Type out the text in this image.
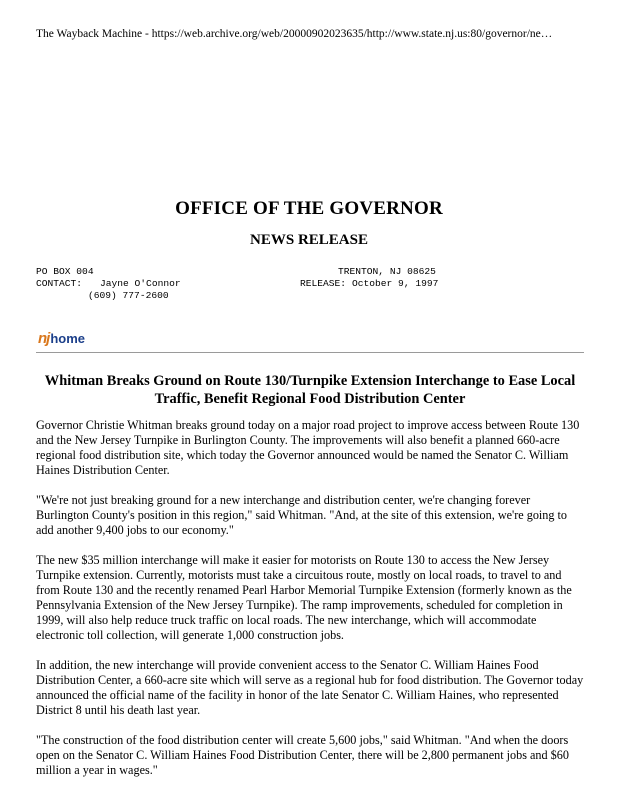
The Wayback Machine - https://web.archive.org/web/20000902023635/http://www.state.nj.us:80/governor/ne…
OFFICE OF THE GOVERNOR
NEWS RELEASE
PO BOX 004
CONTACT: Jayne O'Connor
(609) 777-2600
TRENTON, NJ 08625
RELEASE: October 9, 1997
nj home
Whitman Breaks Ground on Route 130/Turnpike Extension Interchange to Ease Local Traffic, Benefit Regional Food Distribution Center

Governor Christie Whitman breaks ground today on a major road project to improve access between Route 130 and the New Jersey Turnpike in Burlington County. The improvements will also benefit a planned 660-acre regional food distribution site, which today the Governor announced would be named the Senator C. William Haines Distribution Center.

"We're not just breaking ground for a new interchange and distribution center, we're changing forever Burlington County's position in this region," said Whitman. "And, at the site of this extension, we're going to add another 9,400 jobs to our economy."

The new $35 million interchange will make it easier for motorists on Route 130 to access the New Jersey Turnpike extension. Currently, motorists must take a circuitous route, mostly on local roads, to travel to and from Route 130 and the recently renamed Pearl Harbor Memorial Turnpike Extension (formerly known as the Pennsylvania Extension of the New Jersey Turnpike). The ramp improvements, scheduled for completion in 1999, will also help reduce truck traffic on local roads. The new interchange, which will accommodate electronic toll collection, will generate 1,000 construction jobs.

In addition, the new interchange will provide convenient access to the Senator C. William Haines Food Distribution Center, a 660-acre site which will serve as a regional hub for food distribution. The Governor today announced the official name of the facility in honor of the late Senator C. William Haines, who represented District 8 until his death last year.

"The construction of the food distribution center will create 5,600 jobs," said Whitman. "And when the doors open on the Senator C. William Haines Food Distribution Center, there will be 2,800 permanent jobs and $60 million a year in wages."
